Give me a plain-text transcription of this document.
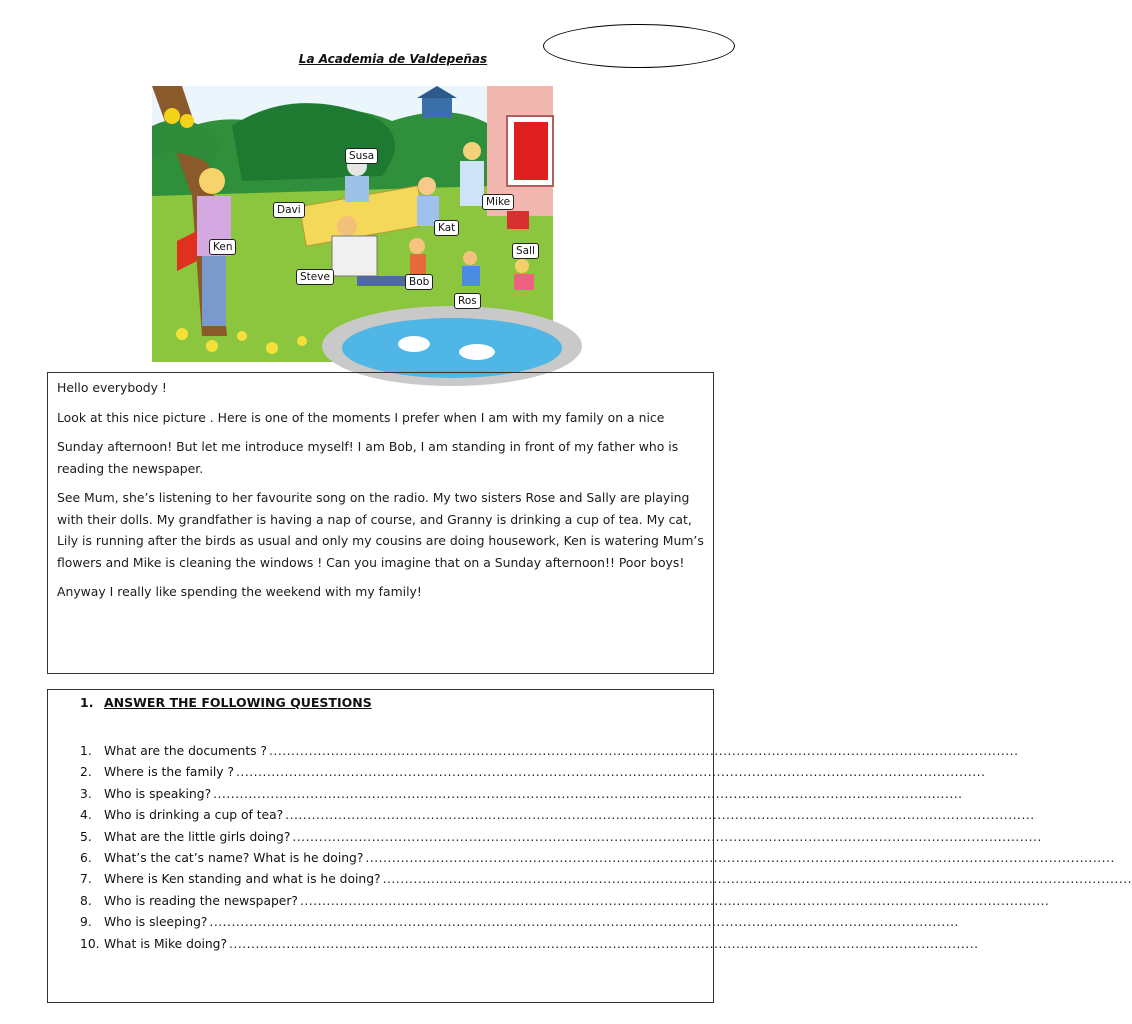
La Academia de Valdepeñas
Susa
Davi
Mike
Kat
Ken	Sall
Steve	Bob
Ros

Hello everybody !

Look at this nice picture . Here is one of the moments I prefer when I am with my family on a nice

Sunday afternoon! But let me introduce myself! I am Bob, I am standing in front of my father who is reading the newspaper.

See Mum, she’s listening to her favourite song on the radio. My two sisters Rose and Sally are playing with their dolls. My grandfather is having a nap of course, and Granny is drinking a cup of tea. My cat, Lily is running after the birds as usual and only my cousins are doing housework, Ken is watering Mum’s flowers and Mike is cleaning the windows ! Can you imagine that on a Sunday afternoon!! Poor boys!

Anyway I really like spending the weekend with my family!

1. ANSWER THE FOLLOWING QUESTIONS
1. What are the documents ? ..........................................................................................................................................................................
2. Where is the family ? ..........................................................................................................................................................................
3. Who is speaking? ..........................................................................................................................................................................
4. Who is drinking a cup of tea? ..........................................................................................................................................................................
5. What are the little girls doing? ..........................................................................................................................................................................
6. What’s the cat’s name? What is he doing? ..........................................................................................................................................................................
7. Where is Ken standing and what is he doing? ..........................................................................................................................................................................
8. Who is reading the newspaper? ..........................................................................................................................................................................
9. Who is sleeping? ..........................................................................................................................................................................
10. What is Mike doing? ..........................................................................................................................................................................
